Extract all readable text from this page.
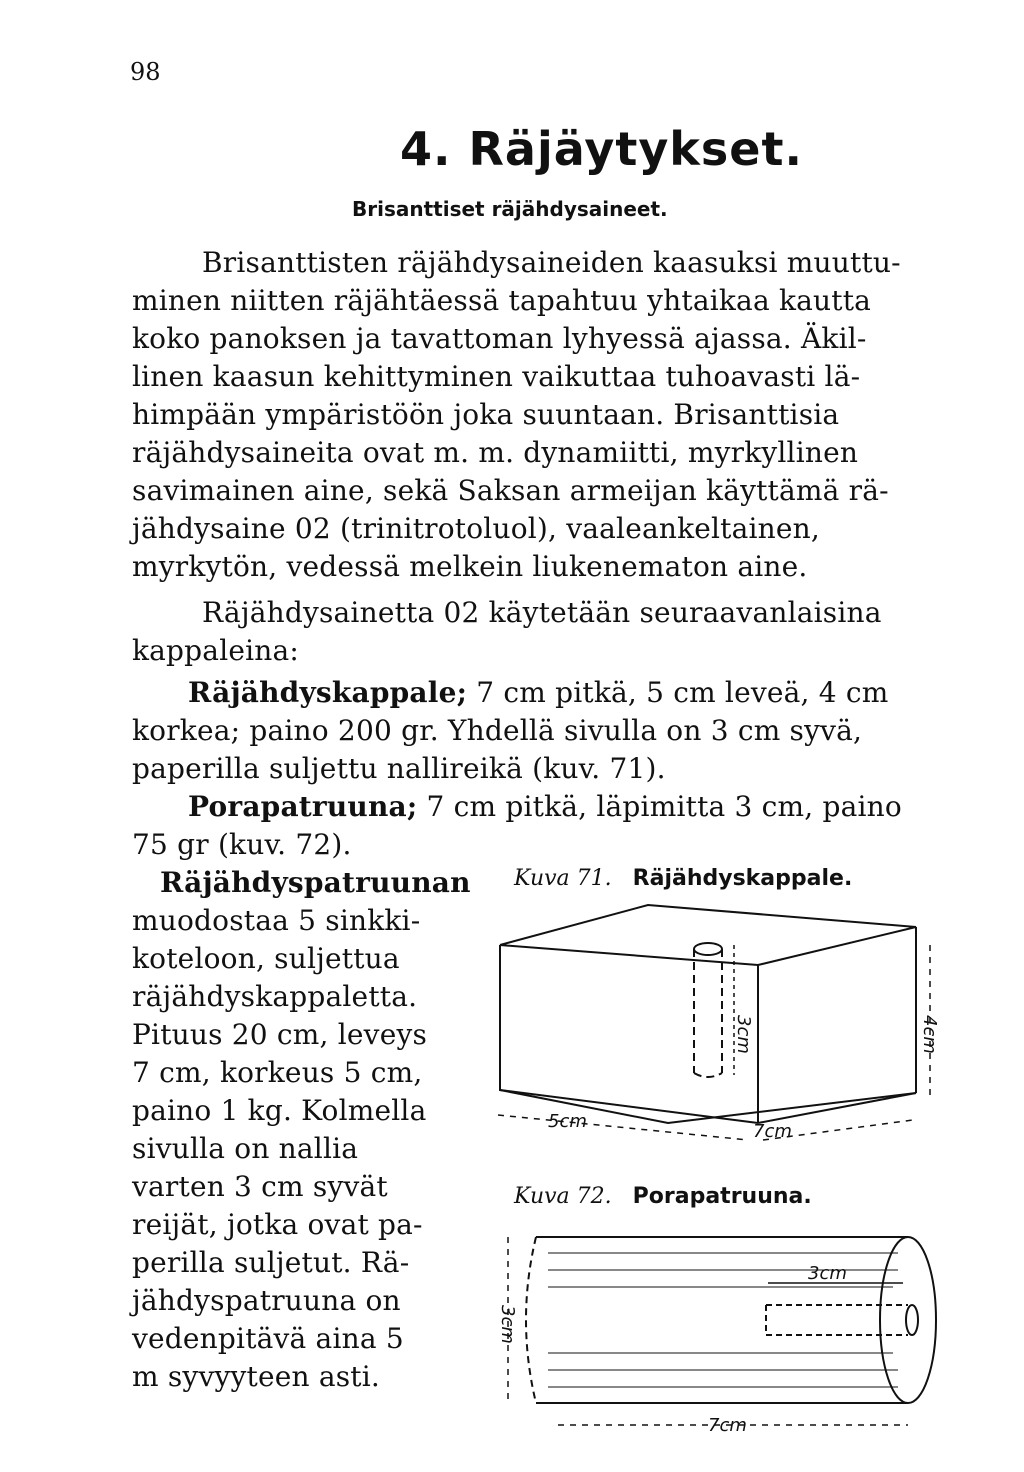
98
4. Räjäytykset.
Brisanttiset räjähdysaineet.
Brisanttisten räjähdysaineiden kaasuksi muuttu-
minen niitten räjähtäessä tapahtuu yhtaikaa kautta
koko panoksen ja tavattoman lyhyessä ajassa. Äkil-
linen kaasun kehittyminen vaikuttaa tuhoavasti lä-
himpään ympäristöön joka suuntaan. Brisanttisia
räjähdysaineita ovat m. m. dynamiitti, myrkyllinen
savimainen aine, sekä Saksan armeijan käyttämä rä-
jähdysaine 02 (trinitrotoluol), vaaleankeltainen,
myrkytön, vedessä melkein liukenematon aine.
Räjähdysainetta 02 käytetään seuraavanlaisina
kappaleina:
Räjähdyskappale; 7 cm pitkä, 5 cm leveä, 4 cm
korkea; paino 200 gr. Yhdellä sivulla on 3 cm syvä,
paperilla suljettu nallireikä (kuv. 71).
Porapatruuna; 7 cm pitkä, läpimitta 3 cm, paino
75 gr (kuv. 72).
Räjähdyspatruunan
muodostaa 5 sinkki-
koteloon, suljettua
räjähdyskappaletta.
Pituus 20 cm, leveys
7 cm, korkeus 5 cm,
paino 1 kg. Kolmella
sivulla on nallia
varten 3 cm syvät
reijät, jotka ovat pa-
perilla suljetut. Rä-
jähdyspatruuna on
vedenpitävä aina 5
m syvyyteen asti.
Kuva 71. Räjähdyskappale.
3cm	4cm
5cm	7cm
Kuva 72. Porapatruuna.
3cm
3cm
7cm
